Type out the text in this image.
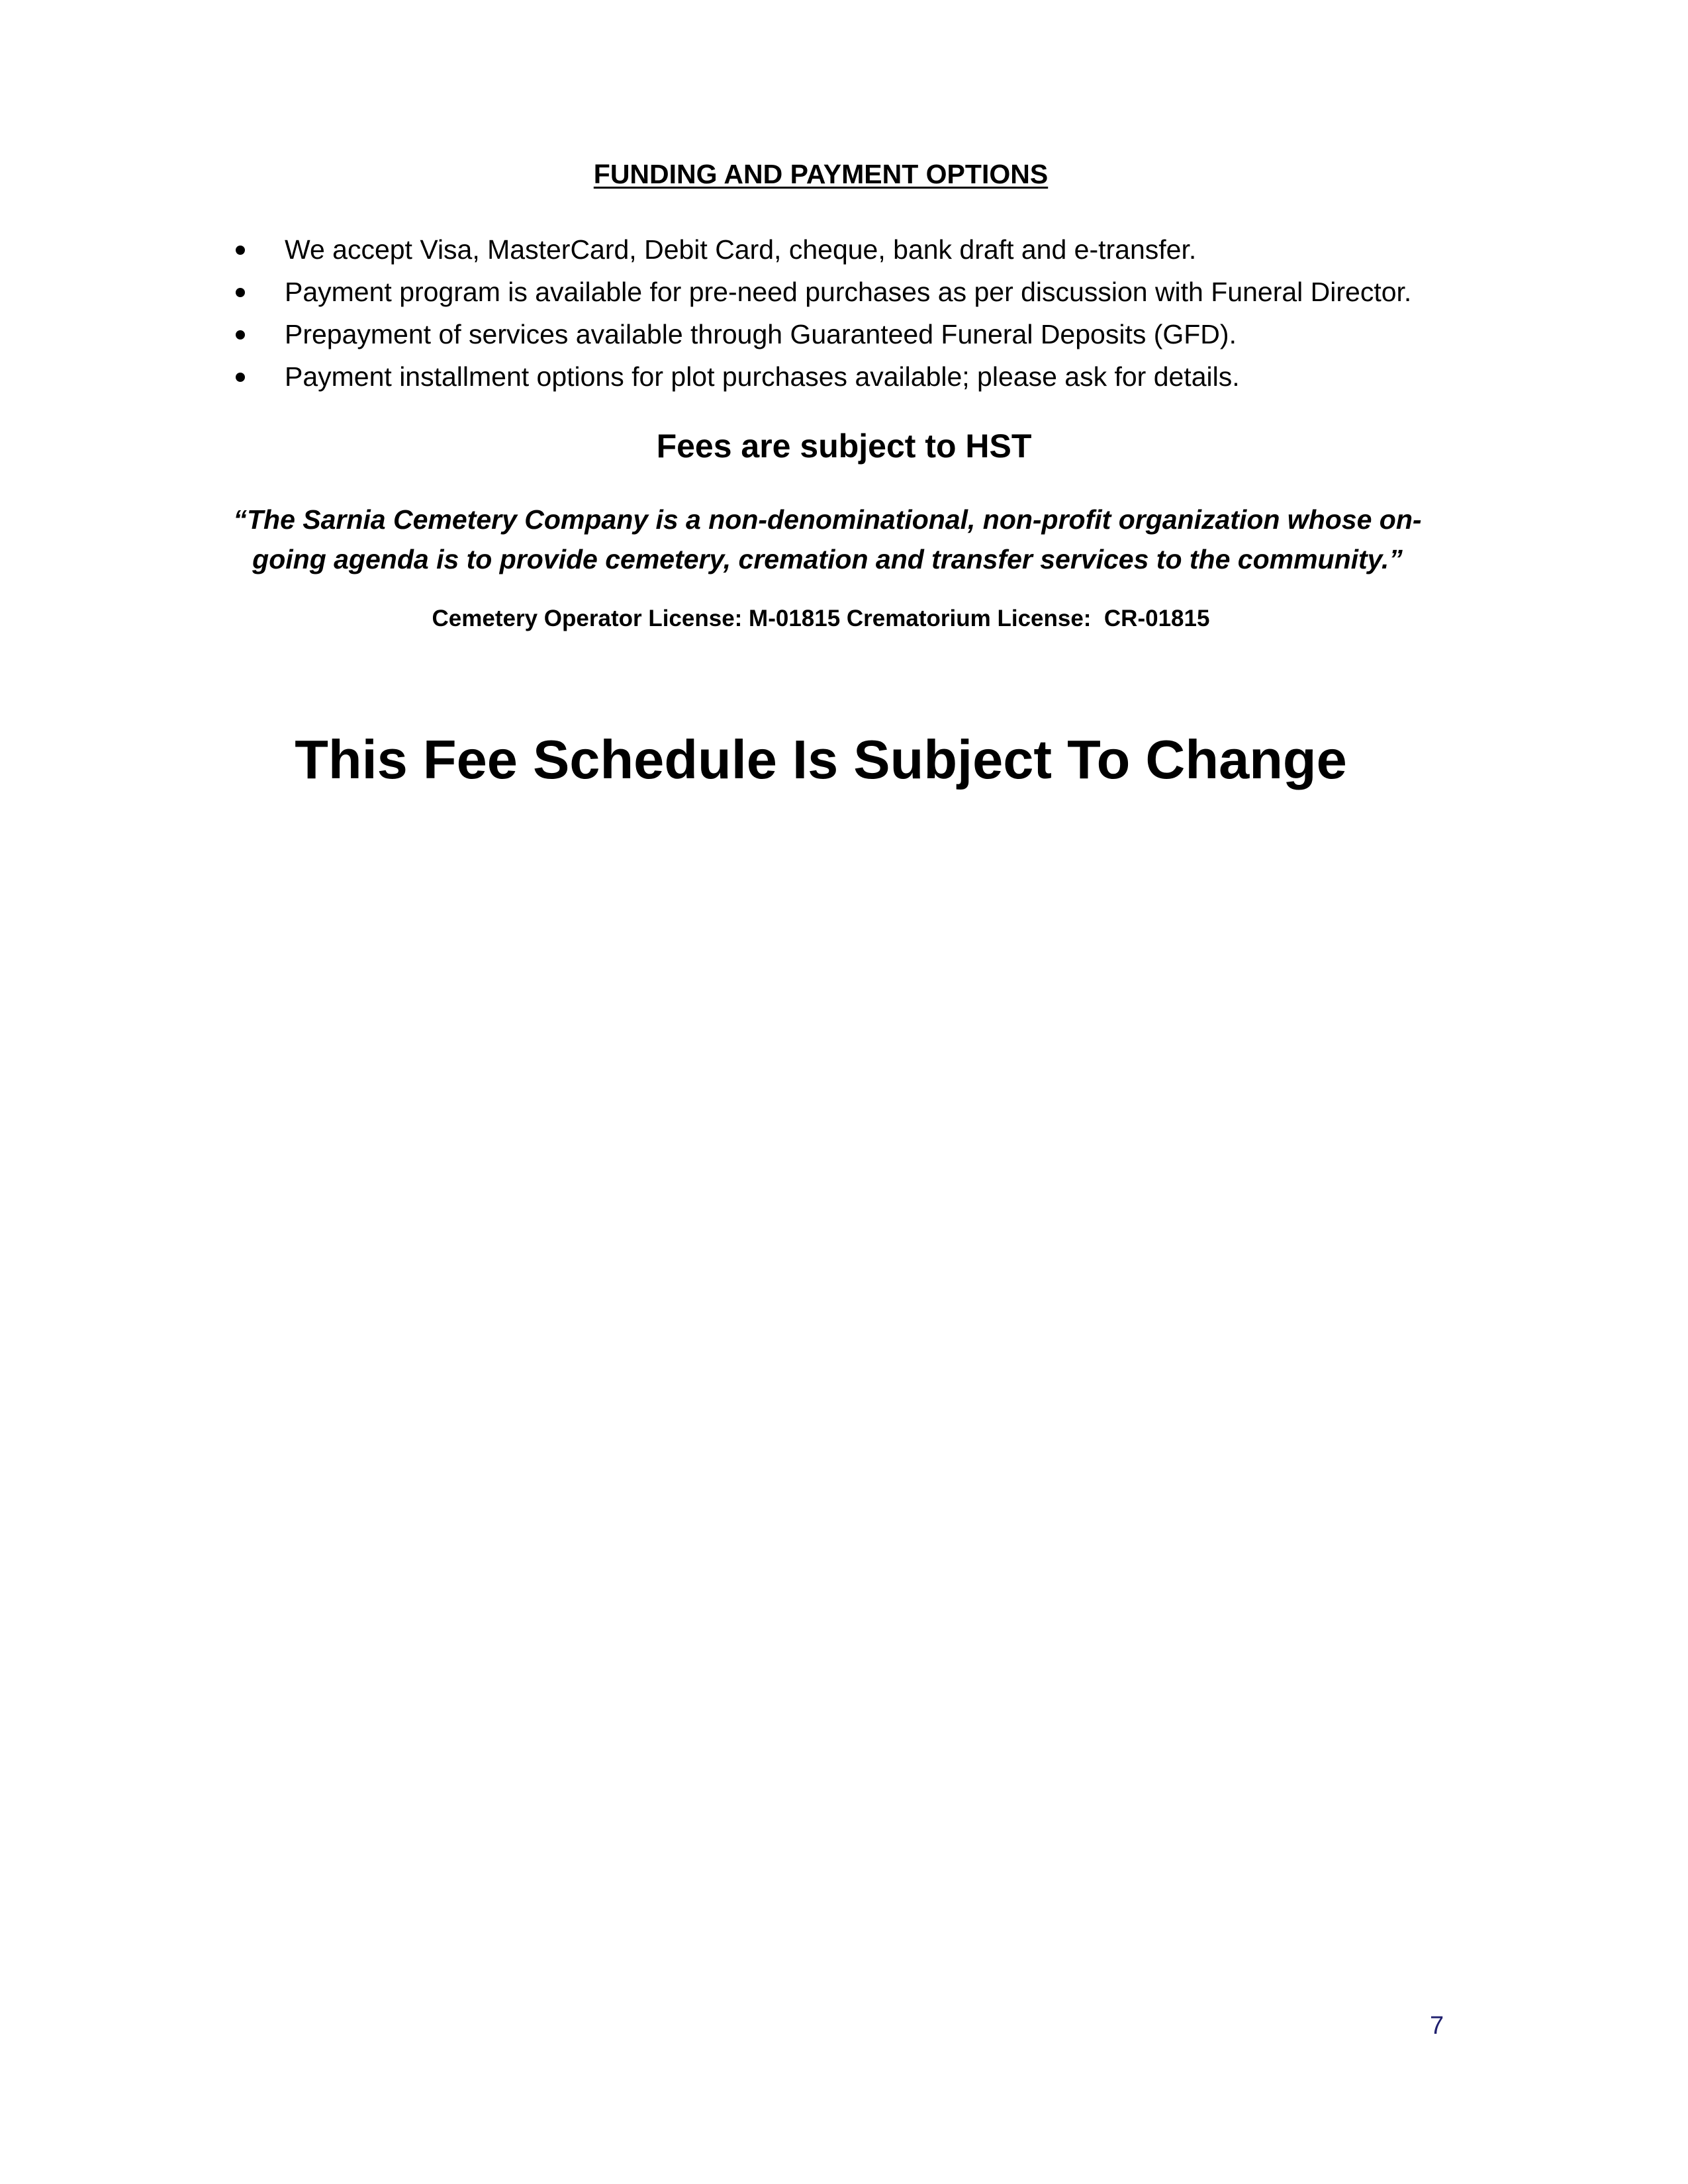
FUNDING AND PAYMENT OPTIONS
We accept Visa, MasterCard, Debit Card, cheque, bank draft and e-transfer.
Payment program is available for pre-need purchases as per discussion with Funeral Director.
Prepayment of services available through Guaranteed Funeral Deposits (GFD).
Payment installment options for plot purchases available; please ask for details.
Fees are subject to HST
“The Sarnia Cemetery Company is a non-denominational, non-profit organization whose on-
going agenda is to provide cemetery, cremation and transfer services to the community.”
Cemetery Operator License: M-01815 Crematorium License:  CR-01815
This Fee Schedule Is Subject To Change
7
